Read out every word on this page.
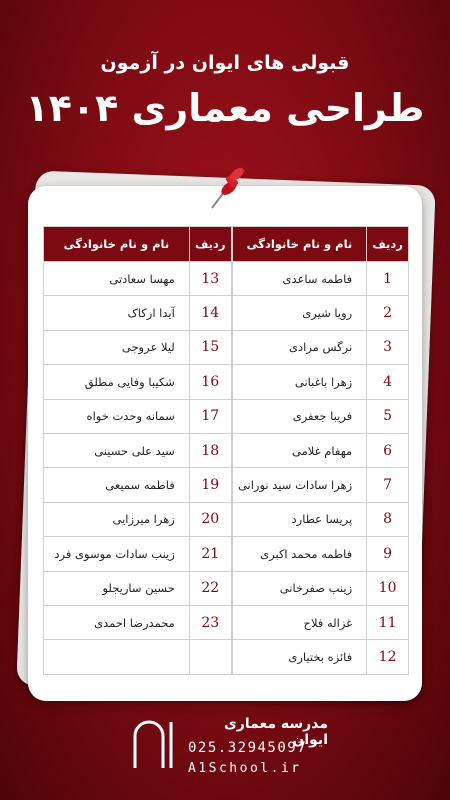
قبولی های ایوان در آزمون
طراحی معماری ۱۴۰۴
ردیف	نام و نام خانوادگی
13	مهسا سعادتی
14	آیدا ارکاک
15	لیلا عروجی
16	شکیبا وفایی مطلق
17	سمانه وحدت خواه
18	سید علی حسینی
19	فاطمه سمیعی
20	زهرا میرزایی
21	زینب سادات موسوی فرد
22	حسین ساریجلو
23	محمدرضا احمدی

ردیف	نام و نام خانوادگی
1	فاطمه ساعدی
2	رویا شیری
3	نرگس مرادی
4	زهرا باغبانی
5	فریبا جعفری
6	مهفام غلامی
7	زهرا سادات سید نورانی
8	پریسا عطارد
9	فاطمه محمد اکبری
10	زینب صفرخانی
11	غزاله فلاح
12	فائزه بختیاری
مدرسه معماری ایوان
025.32945097
A1School.ir
